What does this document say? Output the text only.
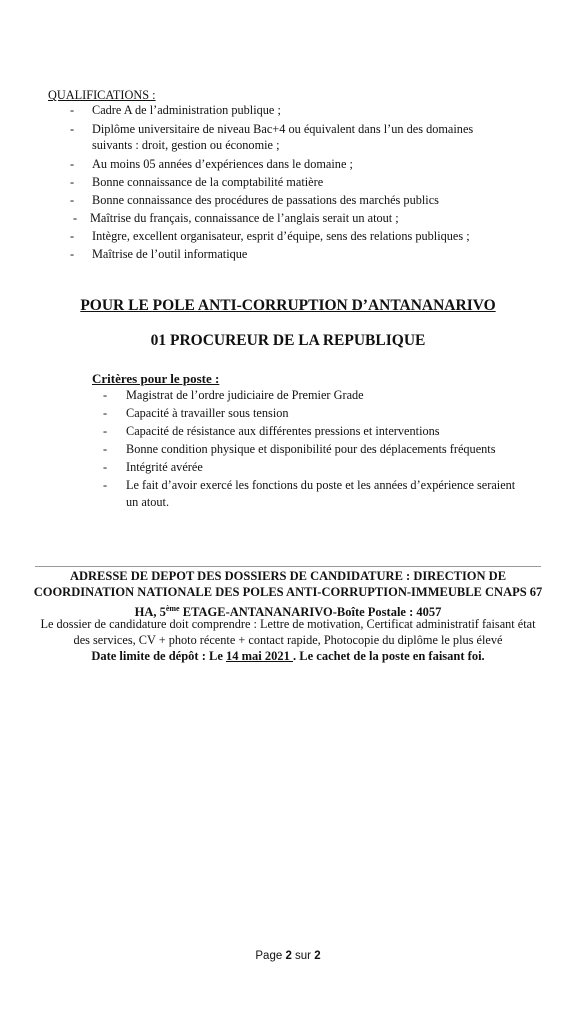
QUALIFICATIONS :
- Cadre A de l’administration publique ;
- Diplôme universitaire de niveau Bac+4 ou équivalent dans l’un des domaines
suivants : droit, gestion ou économie ;
- Au moins 05 années d’expériences dans le domaine ;
- Bonne connaissance de la comptabilité matière
- Bonne connaissance des procédures de passations des marchés publics
- Maîtrise du français, connaissance de l’anglais serait un atout ;
- Intègre, excellent organisateur, esprit d’équipe, sens des relations publiques ;
- Maîtrise de l’outil informatique
POUR LE POLE ANTI-CORRUPTION D’ANTANANARIVO
01 PROCUREUR DE LA REPUBLIQUE
Critères pour le poste :
- Magistrat de l’ordre judiciaire de Premier Grade
- Capacité à travailler sous tension
- Capacité de résistance aux différentes pressions et interventions
- Bonne condition physique et disponibilité pour des déplacements fréquents
- Intégrité avérée
- Le fait d’avoir exercé les fonctions du poste et les années d’expérience seraient
un atout.
ADRESSE DE DEPOT DES DOSSIERS DE CANDIDATURE : DIRECTION DE
COORDINATION NATIONALE DES POLES ANTI-CORRUPTION-IMMEUBLE CNAPS 67
HA, 5ème ETAGE-ANTANANARIVO-Boîte Postale : 4057
Le dossier de candidature doit comprendre : Lettre de motivation, Certificat administratif faisant état
des services, CV + photo récente + contact rapide, Photocopie du diplôme le plus élevé
Date limite de dépôt : Le 14 mai 2021 . Le cachet de la poste en faisant foi.
Page 2 sur 2
